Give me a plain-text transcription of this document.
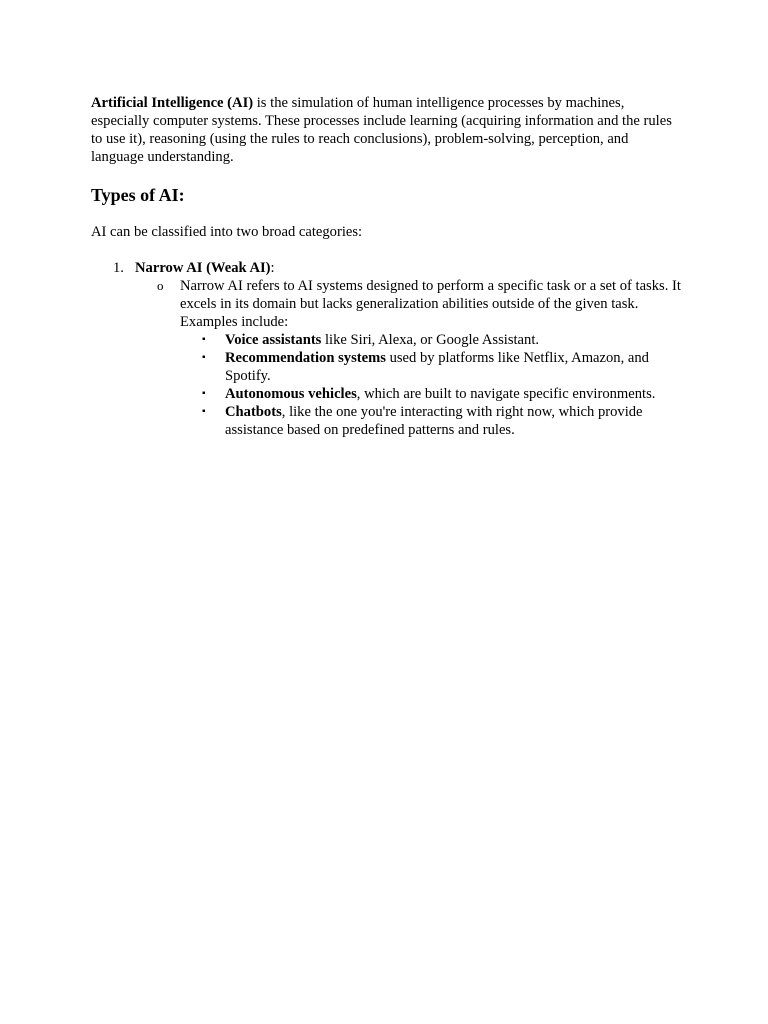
Artificial Intelligence (AI) is the simulation of human intelligence processes by machines, especially computer systems. These processes include learning (acquiring information and the rules to use it), reasoning (using the rules to reach conclusions), problem-solving, perception, and language understanding.

Types of AI:

AI can be classified into two broad categories:

1. Narrow AI (Weak AI):
o Narrow AI refers to AI systems designed to perform a specific task or a set of tasks. It excels in its domain but lacks generalization abilities outside of the given task. Examples include:
▪ Voice assistants like Siri, Alexa, or Google Assistant.
▪ Recommendation systems used by platforms like Netflix, Amazon, and Spotify.
▪ Autonomous vehicles, which are built to navigate specific environments.
▪ Chatbots, like the one you're interacting with right now, which provide assistance based on predefined patterns and rules.
